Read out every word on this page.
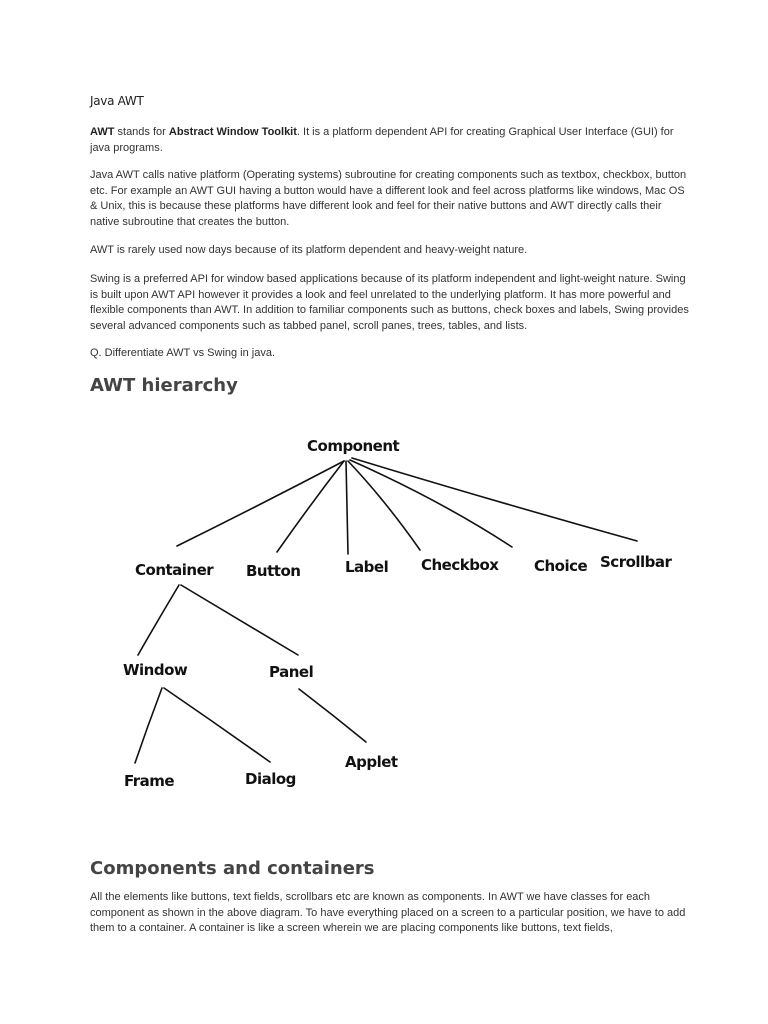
Java AWT

AWT stands for Abstract Window Toolkit. It is a platform dependent API for creating Graphical User Interface (GUI) for java programs.

Java AWT calls native platform (Operating systems) subroutine for creating components such as textbox, checkbox, button etc. For example an AWT GUI having a button would have a different look and feel across platforms like windows, Mac OS & Unix, this is because these platforms have different look and feel for their native buttons and AWT directly calls their native subroutine that creates the button.

AWT is rarely used now days because of its platform dependent and heavy-weight nature.

Swing is a preferred API for window based applications because of its platform independent and light-weight nature. Swing is built upon AWT API however it provides a look and feel unrelated to the underlying platform. It has more powerful and flexible components than AWT. In addition to familiar components such as buttons, check boxes and labels, Swing provides several advanced components such as tabbed panel, scroll panes, trees, tables, and lists.

Q. Differentiate AWT vs Swing in java.

AWT hierarchy
Component
Container Button	Label Checkbox Choice Scrollbar
Window	Panel
Frame	Dialog
Applet
Components and containers

All the elements like buttons, text fields, scrollbars etc are known as components. In AWT we have classes for each component as shown in the above diagram. To have everything placed on a screen to a particular position, we have to add them to a container. A container is like a screen wherein we are placing components like buttons, text fields,
